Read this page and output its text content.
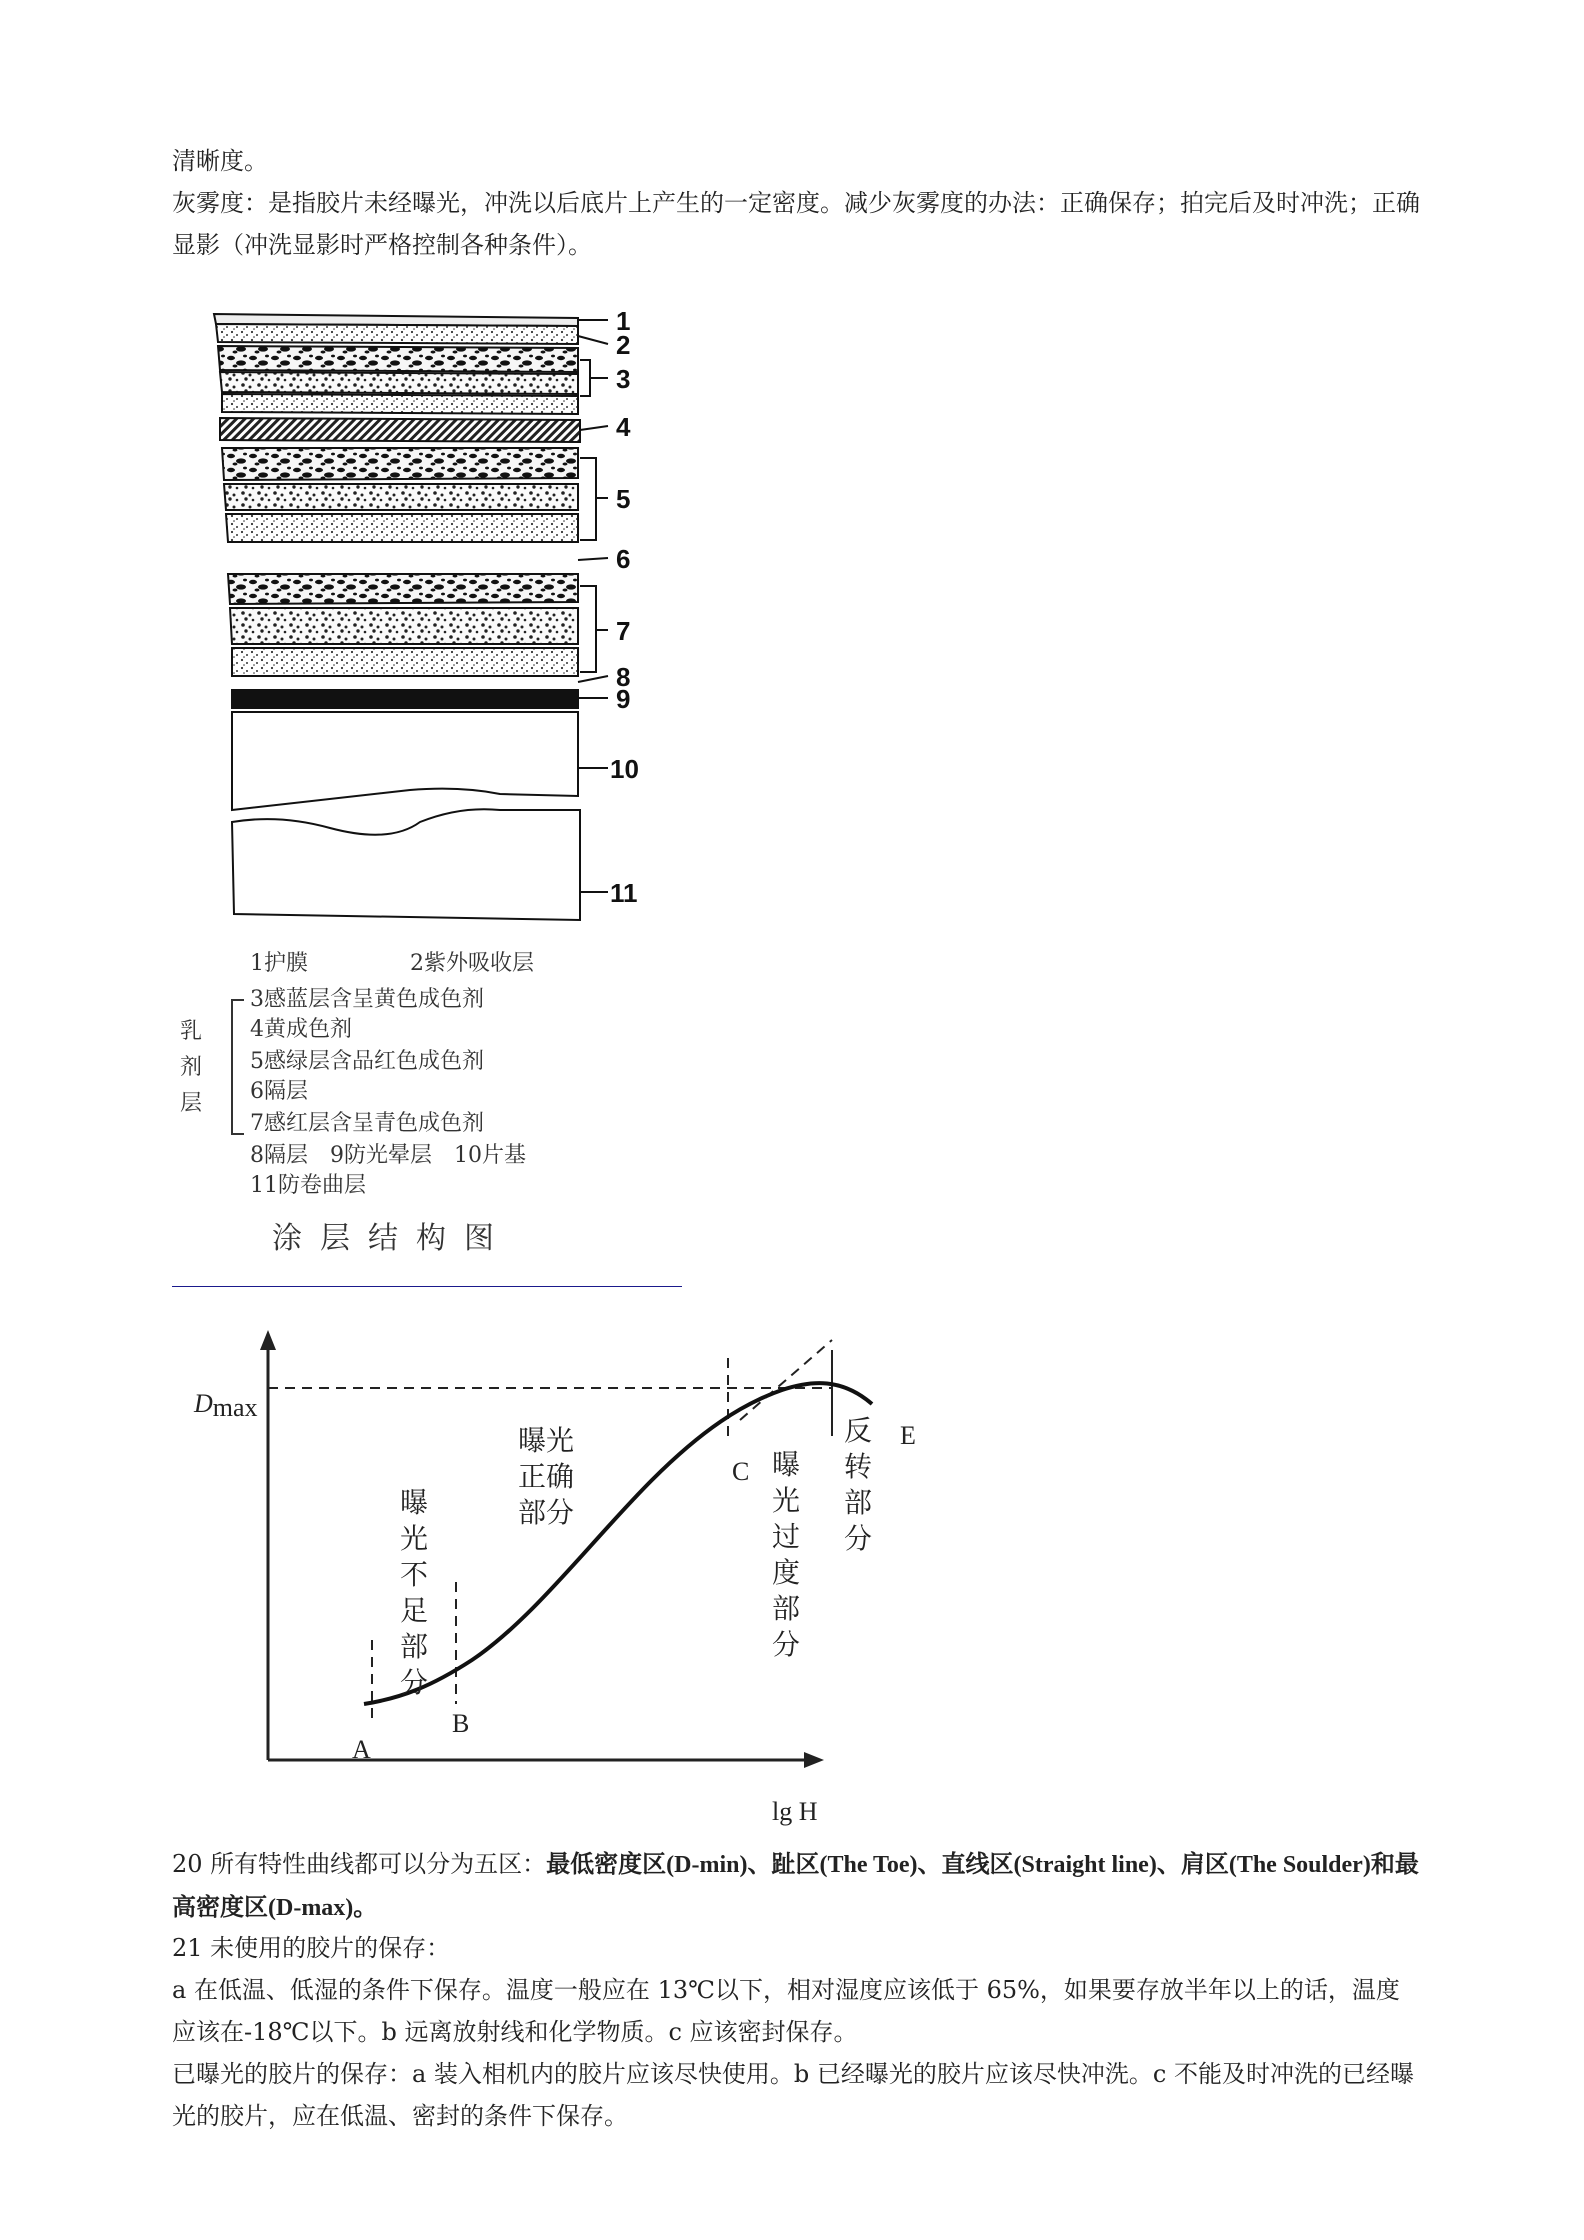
清晰度。

灰雾度：是指胶片未经曝光，冲洗以后底片上产生的一定密度。减少灰雾度的办法：正确保存；拍完后及时冲洗；正确显影（冲洗显影时严格控制各种条件）。

1
2
3
4
5
6
7
8
9
10
11
1护膜	2紫外吸收层
乳
剂
层
3感蓝层含呈黄色成色剂
4黄成色剂
5感绿层含品红色成色剂
6隔层
7感红层含呈青色成色剂
8隔层　9防光晕层　10片基
11防卷曲层
涂层结构图
Dmax
lg H
A
B
C
E
曝
光
不
足
部
分
曝光
正确
部分
曝
光
过
度
部
分
反
转
部
分

20 所有特性曲线都可以分为五区：最低密度区(D-min)、趾区(The Toe)、直线区(Straight line)、肩区(The Soulder)和最高密度区(D-max)。

21 未使用的胶片的保存：

a 在低温、低湿的条件下保存。温度一般应在 13℃以下，相对湿度应该低于 65%，如果要存放半年以上的话，温度应该在-18℃以下。b 远离放射线和化学物质。c 应该密封保存。

已曝光的胶片的保存：a 装入相机内的胶片应该尽快使用。b 已经曝光的胶片应该尽快冲洗。c 不能及时冲洗的已经曝光的胶片，应在低温、密封的条件下保存。
